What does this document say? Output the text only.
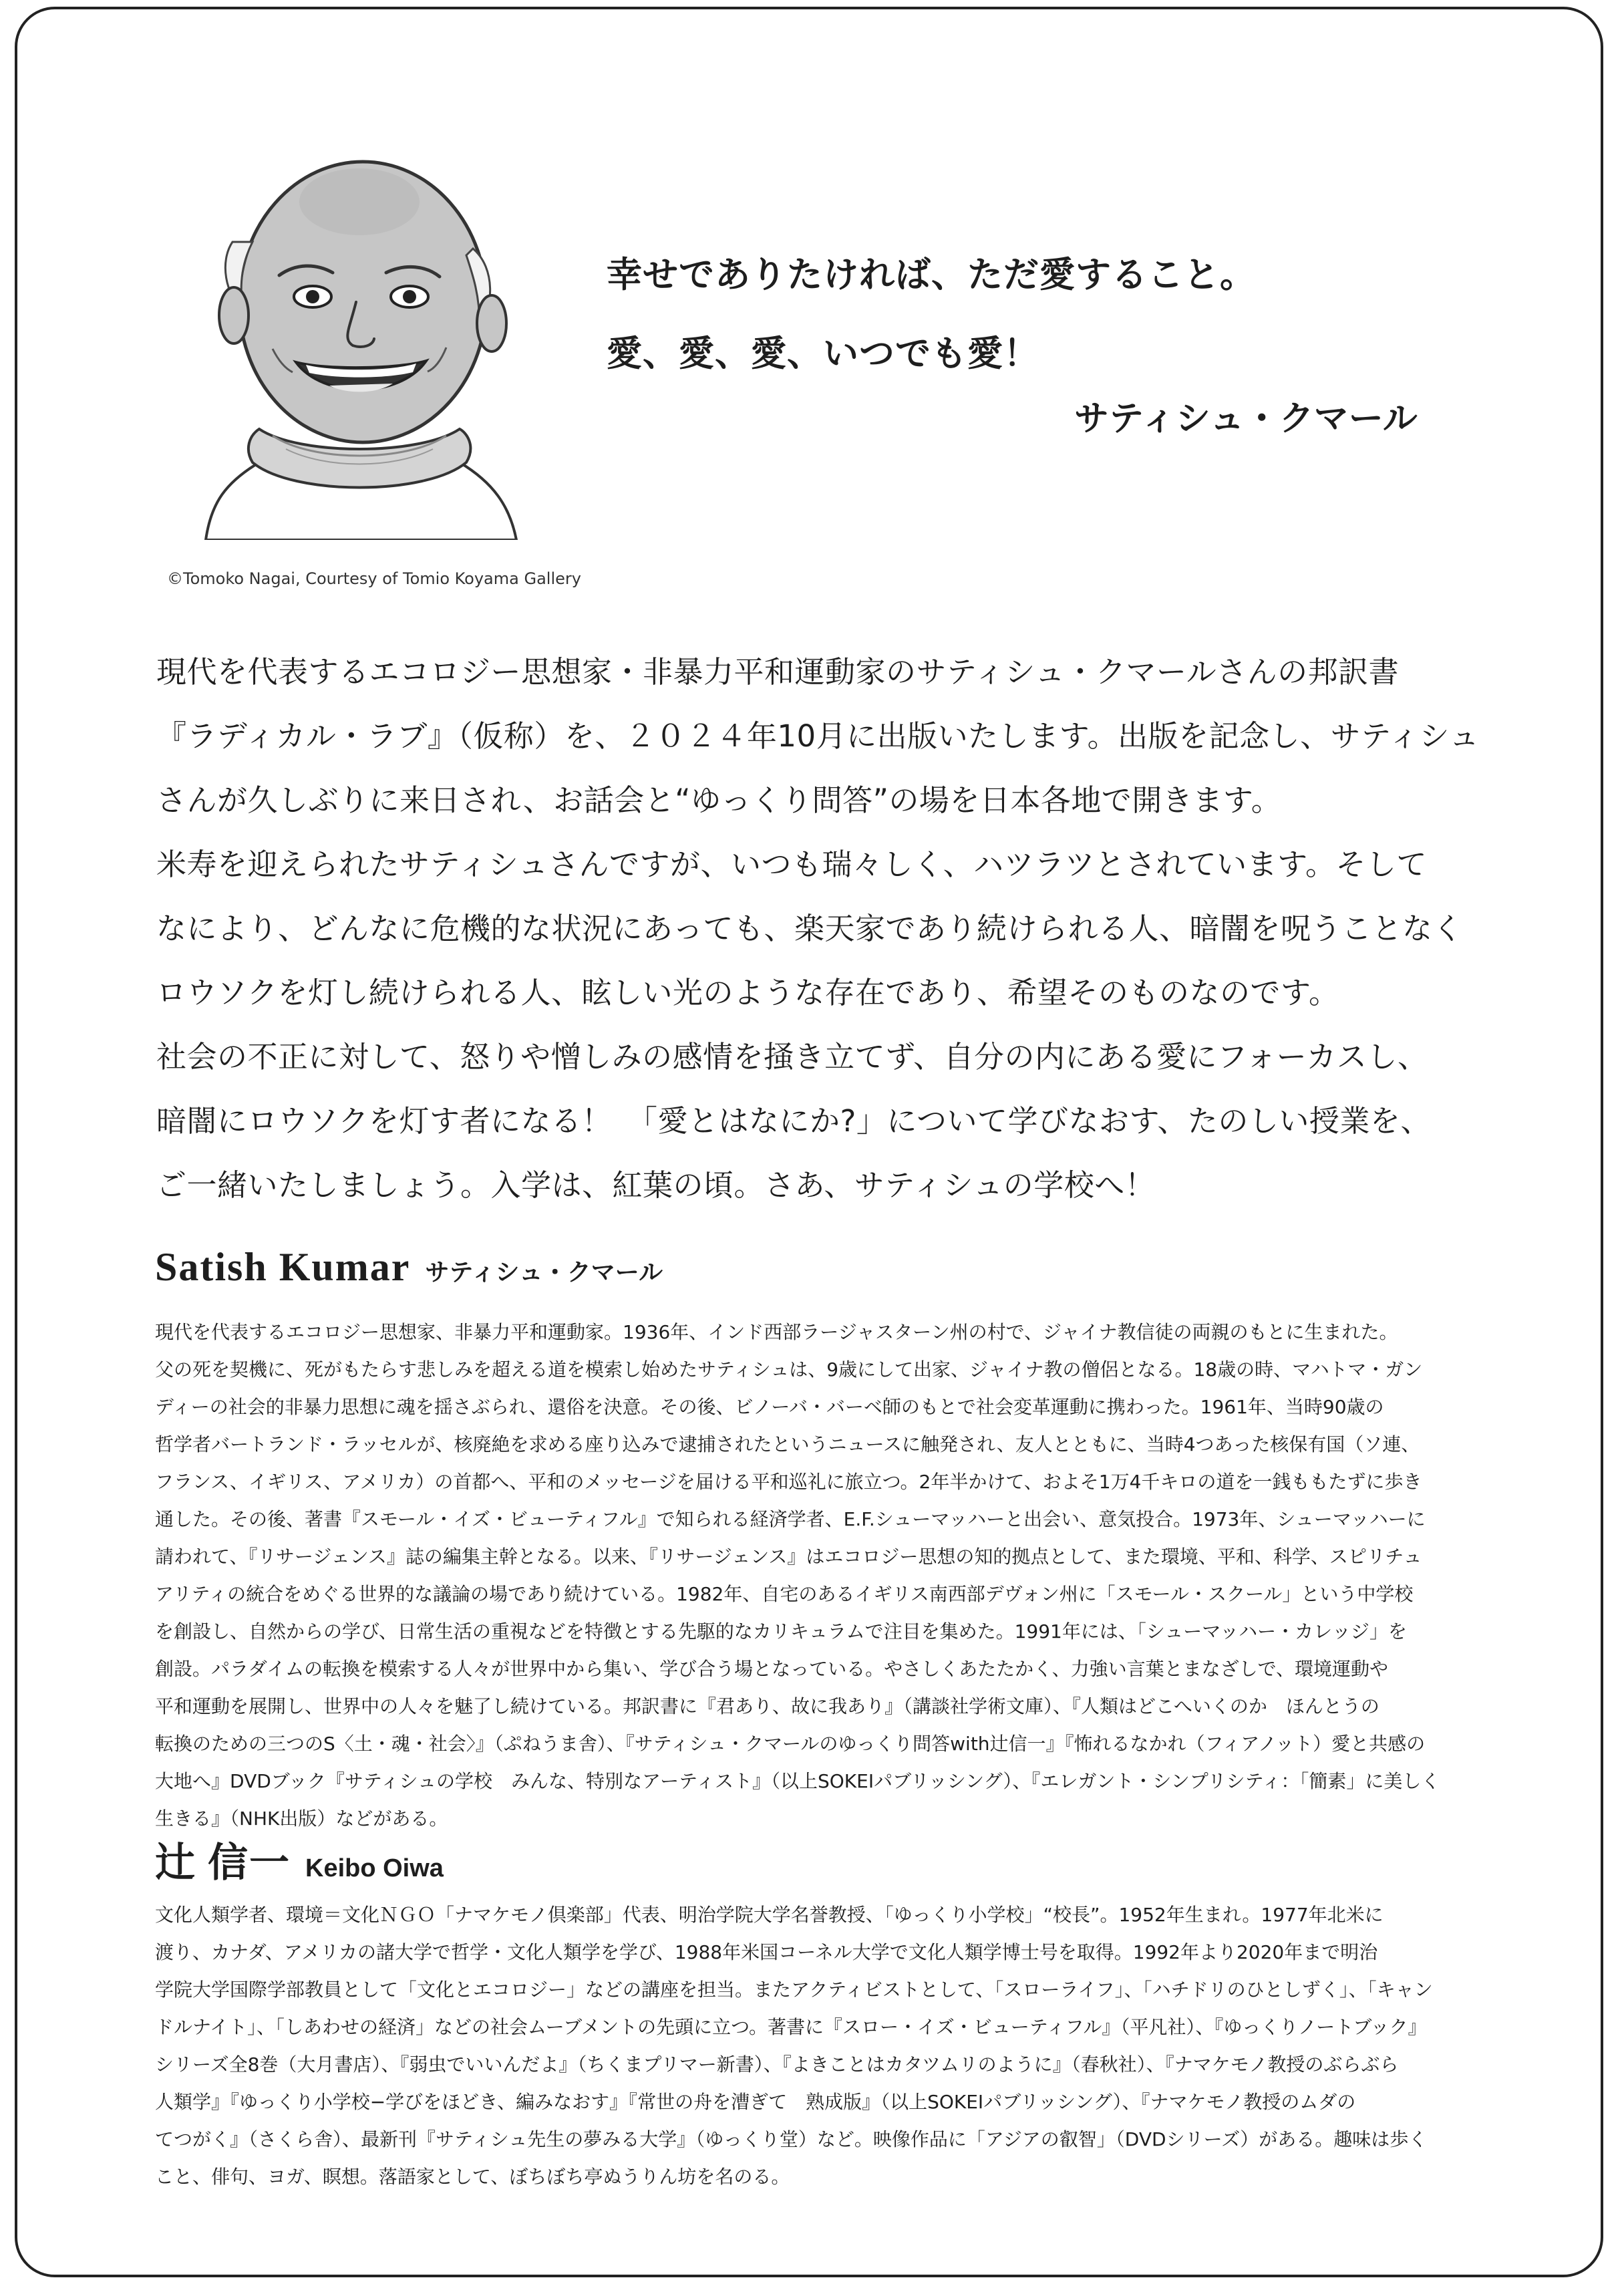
©Tomoko Nagai, Courtesy of Tomio Koyama Gallery
幸せでありたければ、ただ愛すること。
愛、愛、愛、いつでも愛！
サティシュ・クマール

現代を代表するエコロジー思想家・非暴力平和運動家のサティシュ・クマールさんの邦訳書

『ラディカル・ラブ』（仮称）を、２０２４年10月に出版いたします。出版を記念し、サティシュ

さんが久しぶりに来日され、お話会と“ゆっくり問答”の場を日本各地で開きます。

米寿を迎えられたサティシュさんですが、いつも瑞々しく、ハツラツとされています。そして

なにより、どんなに危機的な状況にあっても、楽天家であり続けられる人、暗闇を呪うことなく

ロウソクを灯し続けられる人、眩しい光のような存在であり、希望そのものなのです。

社会の不正に対して、怒りや憎しみの感情を掻き立てず、自分の内にある愛にフォーカスし、

暗闇にロウソクを灯す者になる！　「愛とはなにか?」について学びなおす、たのしい授業を、

ご一緒いたしましょう。入学は、紅葉の頃。さあ、サティシュの学校へ！

Satish Kumar サティシュ・クマール

現代を代表するエコロジー思想家、非暴力平和運動家。1936年、インド西部ラージャスターン州の村で、ジャイナ教信徒の両親のもとに生まれた。

父の死を契機に、死がもたらす悲しみを超える道を模索し始めたサティシュは、9歳にして出家、ジャイナ教の僧侶となる。18歳の時、マハトマ・ガン

ディーの社会的非暴力思想に魂を揺さぶられ、還俗を決意。その後、ビノーバ・バーベ師のもとで社会変革運動に携わった。1961年、当時90歳の

哲学者バートランド・ラッセルが、核廃絶を求める座り込みで逮捕されたというニュースに触発され、友人とともに、当時4つあった核保有国（ソ連、

フランス、イギリス、アメリカ）の首都へ、平和のメッセージを届ける平和巡礼に旅立つ。2年半かけて、およそ1万4千キロの道を一銭ももたずに歩き

通した。その後、著書『スモール・イズ・ビューティフル』で知られる経済学者、E.F.シューマッハーと出会い、意気投合。1973年、シューマッハーに

請われて、『リサージェンス』誌の編集主幹となる。以来、『リサージェンス』はエコロジー思想の知的拠点として、また環境、平和、科学、スピリチュ

アリティの統合をめぐる世界的な議論の場であり続けている。1982年、自宅のあるイギリス南西部デヴォン州に「スモール・スクール」という中学校

を創設し、自然からの学び、日常生活の重視などを特徴とする先駆的なカリキュラムで注目を集めた。1991年には、「シューマッハー・カレッジ」を

創設。パラダイムの転換を模索する人々が世界中から集い、学び合う場となっている。やさしくあたたかく、力強い言葉とまなざしで、環境運動や

平和運動を展開し、世界中の人々を魅了し続けている。邦訳書に『君あり、故に我あり』（講談社学術文庫）、『人類はどこへいくのか　ほんとうの

転換のための三つのS〈土・魂・社会〉』（ぷねうま舎）、『サティシュ・クマールのゆっくり問答with辻信一』『怖れるなかれ（フィアノット）愛と共感の

大地へ』DVDブック『サティシュの学校　みんな、特別なアーティスト』（以上SOKEIパブリッシング）、『エレガント・シンプリシティ：「簡素」に美しく

生きる』（NHK出版）などがある。

辻 信一 Keibo Oiwa

文化人類学者、環境＝文化ＮＧＯ「ナマケモノ倶楽部」代表、明治学院大学名誉教授、「ゆっくり小学校」“校長”。1952年生まれ。1977年北米に

渡り、カナダ、アメリカの諸大学で哲学・文化人類学を学び、1988年米国コーネル大学で文化人類学博士号を取得。1992年より2020年まで明治

学院大学国際学部教員として「文化とエコロジー」などの講座を担当。またアクティビストとして、「スローライフ」、「ハチドリのひとしずく」、「キャン

ドルナイト」、「しあわせの経済」などの社会ムーブメントの先頭に立つ。著書に『スロー・イズ・ビューティフル』（平凡社）、『ゆっくりノートブック』

シリーズ全8巻（大月書店）、『弱虫でいいんだよ』（ちくまプリマー新書）、『よきことはカタツムリのように』（春秋社）、『ナマケモノ教授のぶらぶら

人類学』『ゆっくり小学校−学びをほどき、編みなおす』『常世の舟を漕ぎて　熟成版』（以上SOKEIパブリッシング）、『ナマケモノ教授のムダの

てつがく』（さくら舎）、最新刊『サティシュ先生の夢みる大学』（ゆっくり堂）など。映像作品に「アジアの叡智」（DVDシリーズ）がある。趣味は歩く

こと、俳句、ヨガ、瞑想。落語家として、ぼちぼち亭ぬうりん坊を名のる。
